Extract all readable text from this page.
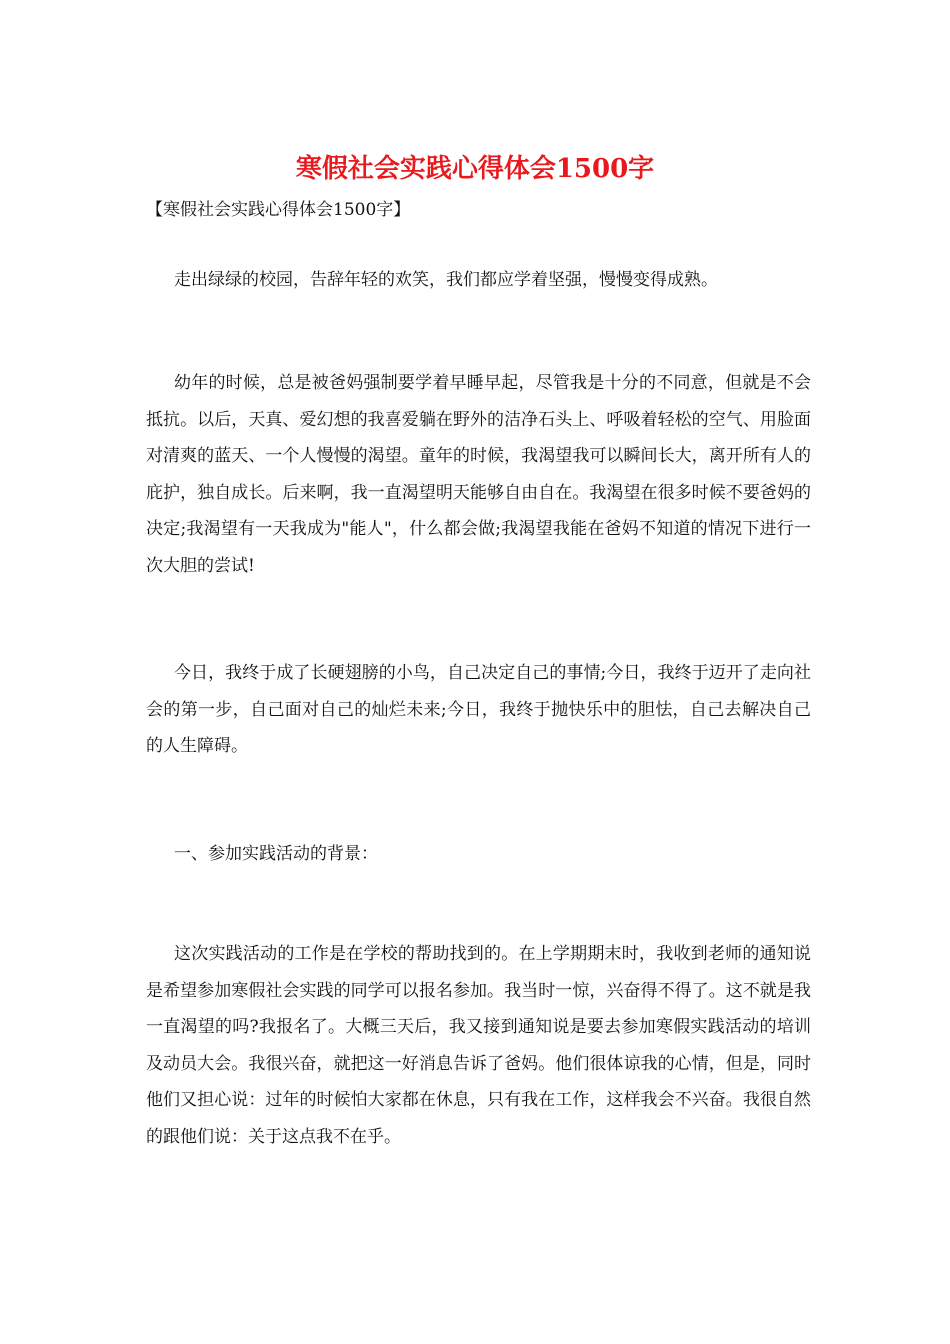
寒假社会实践心得体会1500字

【寒假社会实践心得体会1500字】

走出绿绿的校园，告辞年轻的欢笑，我们都应学着坚强，慢慢变得成熟。

幼年的时候，总是被爸妈强制要学着早睡早起，尽管我是十分的不同意，但就是不会抵抗。以后，天真、爱幻想的我喜爱躺在野外的洁净石头上、呼吸着轻松的空气、用脸面对清爽的蓝天、一个人慢慢的渴望。童年的时候，我渴望我可以瞬间长大，离开所有人的庇护，独自成长。后来啊，我一直渴望明天能够自由自在。我渴望在很多时候不要爸妈的决定;我渴望有一天我成为"能人"，什么都会做;我渴望我能在爸妈不知道的情况下进行一次大胆的尝试!

今日，我终于成了长硬翅膀的小鸟，自己决定自己的事情;今日，我终于迈开了走向社会的第一步，自己面对自己的灿烂未来;今日，我终于抛快乐中的胆怯，自己去解决自己的人生障碍。

一、参加实践活动的背景：

这次实践活动的工作是在学校的帮助找到的。在上学期期末时，我收到老师的通知说是希望参加寒假社会实践的同学可以报名参加。我当时一惊，兴奋得不得了。这不就是我一直渴望的吗?我报名了。大概三天后，我又接到通知说是要去参加寒假实践活动的培训及动员大会。我很兴奋，就把这一好消息告诉了爸妈。他们很体谅我的心情，但是，同时他们又担心说：过年的时候怕大家都在休息，只有我在工作，这样我会不兴奋。我很自然的跟他们说：关于这点我不在乎。
